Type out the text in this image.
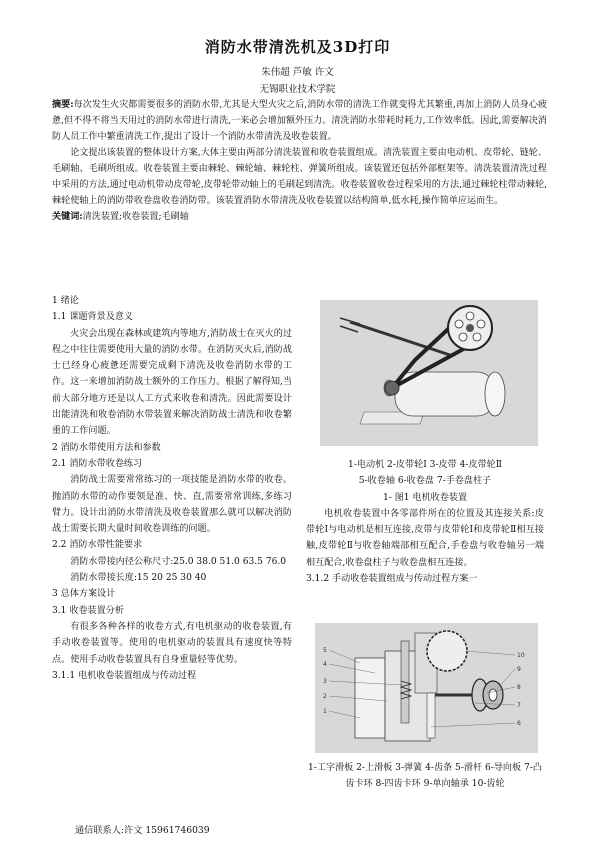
消防水带清洗机及3D打印
朱伟超 芦敏 许文
无锡职业技术学院

摘要:每次发生火灾都需要很多的消防水带,尤其是大型火灾之后,消防水带的清洗工作就变得尤其繁重,再加上消防人员身心疲惫,但不得不将当天用过的消防水带进行清洗,一来必会增加额外压力。清洗消防水带耗时耗力,工作效率低。因此,需要解决消防人员工作中繁重清洗工作,提出了设计一个消防水带清洗及收卷装置。

论文提出该装置的整体设计方案,大体主要由两部分清洗装置和收卷装置组成。清洗装置主要由电动机、皮带轮、链轮、毛刷轴、毛刷所组成。收卷装置主要由棘轮、棘轮轴、棘轮柱、弹簧所组成。该装置还包括外部框架等。清洗装置清洗过程中采用的方法,通过电动机带动皮带轮,皮带轮带动轴上的毛刷起到清洗。收卷装置收卷过程采用的方法,通过棘轮柱带动棘轮,棘轮使轴上的消防带收卷盘收卷消防带。该装置消防水带清洗及收卷装置以结构简单,低水耗,操作简单应运而生。

关键词:清洗装置;收卷装置;毛刷轴

1 绪论

1.1 课题背景及意义

火灾会出现在森林或建筑内等地方,消防战士在灭火的过程之中往往需要使用大量的消防水带。在消防灭火后,消防战士已经身心疲惫还需要完成剩下清洗及收卷消防水带的工作。这一来增加消防战士额外的工作压力。根据了解得知,当前大部分地方还是以人工方式来收卷和清洗。因此需要设计出能清洗和收卷消防水带装置来解决消防战士清洗和收卷繁重的工作问题。

2 消防水带使用方法和参数

2.1 消防水带收卷练习

消防战士需要常常练习的一项技能是消防水带的收卷。抛消防水带的动作要领是准、快、直,需要常常训练,多练习臂力。设计出消防水带清洗及收卷装置那么就可以解决消防战士需要长期大量时间收卷训练的问题。

2.2 消防水带性能要求

消防水带接内径公称尺寸:25.0 38.0 51.0 63.5 76.0

消防水带接长度:15 20 25 30 40

3 总体方案设计

3.1 收卷装置分析

有很多各种各样的收卷方式,有电机驱动的收卷装置,有手动收卷装置等。使用的电机驱动的装置具有速度快等特点。使用手动收卷装置具有自身重量轻等优势。

3.1.1 电机收卷装置组成与传动过程

1-电动机 2-皮带轮Ⅰ 3-皮带 4-皮带轮Ⅱ

5-收卷轴 6-收卷盘 7-手卷盘柱子

1- 图1 电机收卷装置

电机收卷装置中各零部件所在的位置及其连接关系:皮带轮Ⅰ与电动机是相互连接,皮带与皮带轮Ⅰ和皮带轮Ⅱ相互接触,皮带轮Ⅱ与收卷轴端部相互配合,手卷盘与收卷轴另一端相互配合,收卷盘柱子与收卷盘相互连接。

3.1.2 手动收卷装置组成与传动过程方案一

5
4
3
2
1
10
9
8
7
6

1-工字滑板 2-上滑板 3-弹簧 4-齿条 5-滑杆 6-导向板 7-凸齿卡环 8-四齿卡环 9-单向轴承 10-齿轮

通信联系人:许文 15961746039
